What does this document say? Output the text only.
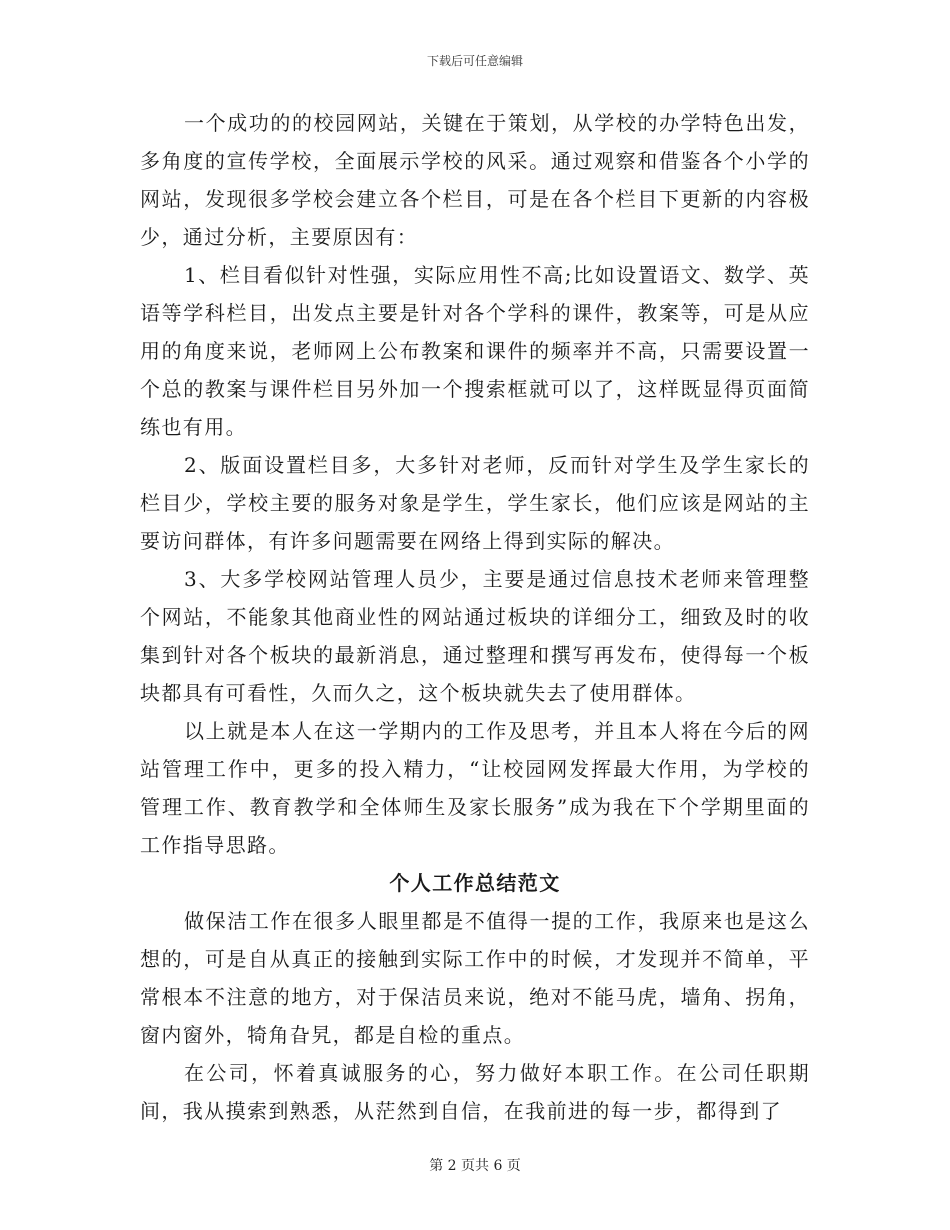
下载后可任意编辑

一个成功的的校园网站，关键在于策划，从学校的办学特色出发，多角度的宣传学校，全面展示学校的风采。通过观察和借鉴各个小学的网站，发现很多学校会建立各个栏目，可是在各个栏目下更新的内容极少，通过分析，主要原因有：

1、栏目看似针对性强，实际应用性不高;比如设置语文、数学、英语等学科栏目，出发点主要是针对各个学科的课件，教案等，可是从应用的角度来说，老师网上公布教案和课件的频率并不高，只需要设置一个总的教案与课件栏目另外加一个搜索框就可以了，这样既显得页面简练也有用。

2、版面设置栏目多，大多针对老师，反而针对学生及学生家长的栏目少，学校主要的服务对象是学生，学生家长，他们应该是网站的主要访问群体，有许多问题需要在网络上得到实际的解决。

3、大多学校网站管理人员少，主要是通过信息技术老师来管理整个网站，不能象其他商业性的网站通过板块的详细分工，细致及时的收集到针对各个板块的最新消息，通过整理和撰写再发布，使得每一个板块都具有可看性，久而久之，这个板块就失去了使用群体。

以上就是本人在这一学期内的工作及思考，并且本人将在今后的网站管理工作中，更多的投入精力，“让校园网发挥最大作用，为学校的管理工作、教育教学和全体师生及家长服务”成为我在下个学期里面的工作指导思路。

个人工作总结范文

做保洁工作在很多人眼里都是不值得一提的工作，我原来也是这么想的，可是自从真正的接触到实际工作中的时候，才发现并不简单，平常根本不注意的地方，对于保洁员来说，绝对不能马虎，墙角、拐角，窗内窗外，犄角旮旯，都是自检的重点。

在公司，怀着真诚服务的心，努力做好本职工作。在公司任职期间，我从摸索到熟悉，从茫然到自信，在我前进的每一步，都得到了

第 2 页共 6 页
